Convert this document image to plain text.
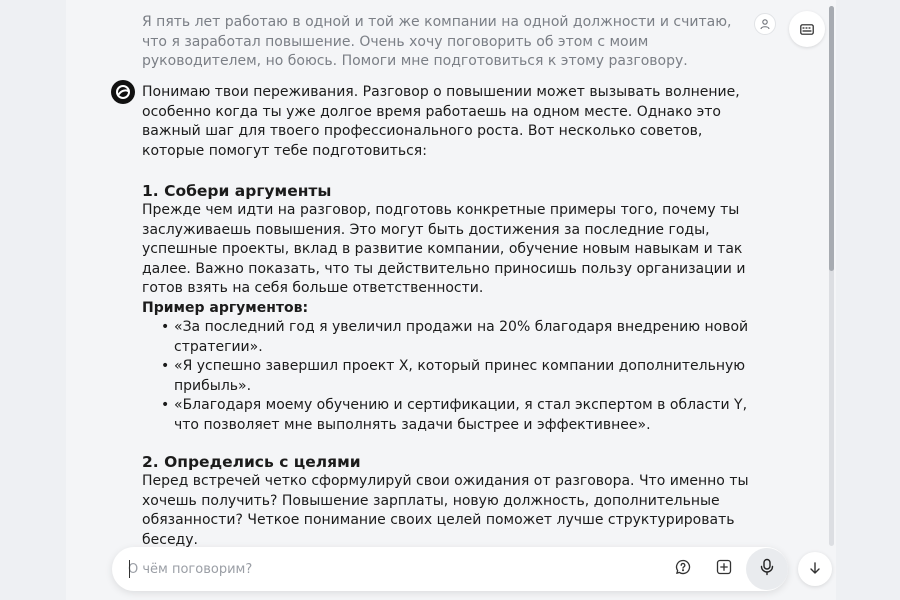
Я пять лет работаю в одной и той же компании на одной должности и считаю, что я заработал повышение. Очень хочу поговорить об этом с моим руководителем, но боюсь. Помоги мне подготовиться к этому разговору.

Понимаю твои переживания. Разговор о повышении может вызывать волнение, особенно когда ты уже долгое время работаешь на одном месте. Однако это важный шаг для твоего профессионального роста. Вот несколько советов, которые помогут тебе подготовиться:

1. Собери аргументы

Прежде чем идти на разговор, подготовь конкретные примеры того, почему ты заслуживаешь повышения. Это могут быть достижения за последние годы, успешные проекты, вклад в развитие компании, обучение новым навыкам и так далее. Важно показать, что ты действительно приносишь пользу организации и готов взять на себя больше ответственности.

Пример аргументов:

• «За последний год я увеличил продажи на 20% благодаря внедрению новой стратегии».
• «Я успешно завершил проект X, который принес компании дополнительную прибыль».
• «Благодаря моему обучению и сертификации, я стал экспертом в области Y, что позволяет мне выполнять задачи быстрее и эффективнее».
2. Определись с целями

Перед встречей четко сформулируй свои ожидания от разговора. Что именно ты хочешь получить? Повышение зарплаты, новую должность, дополнительные обязанности? Четкое понимание своих целей поможет лучше структурировать беседу.

О чём поговорим?
